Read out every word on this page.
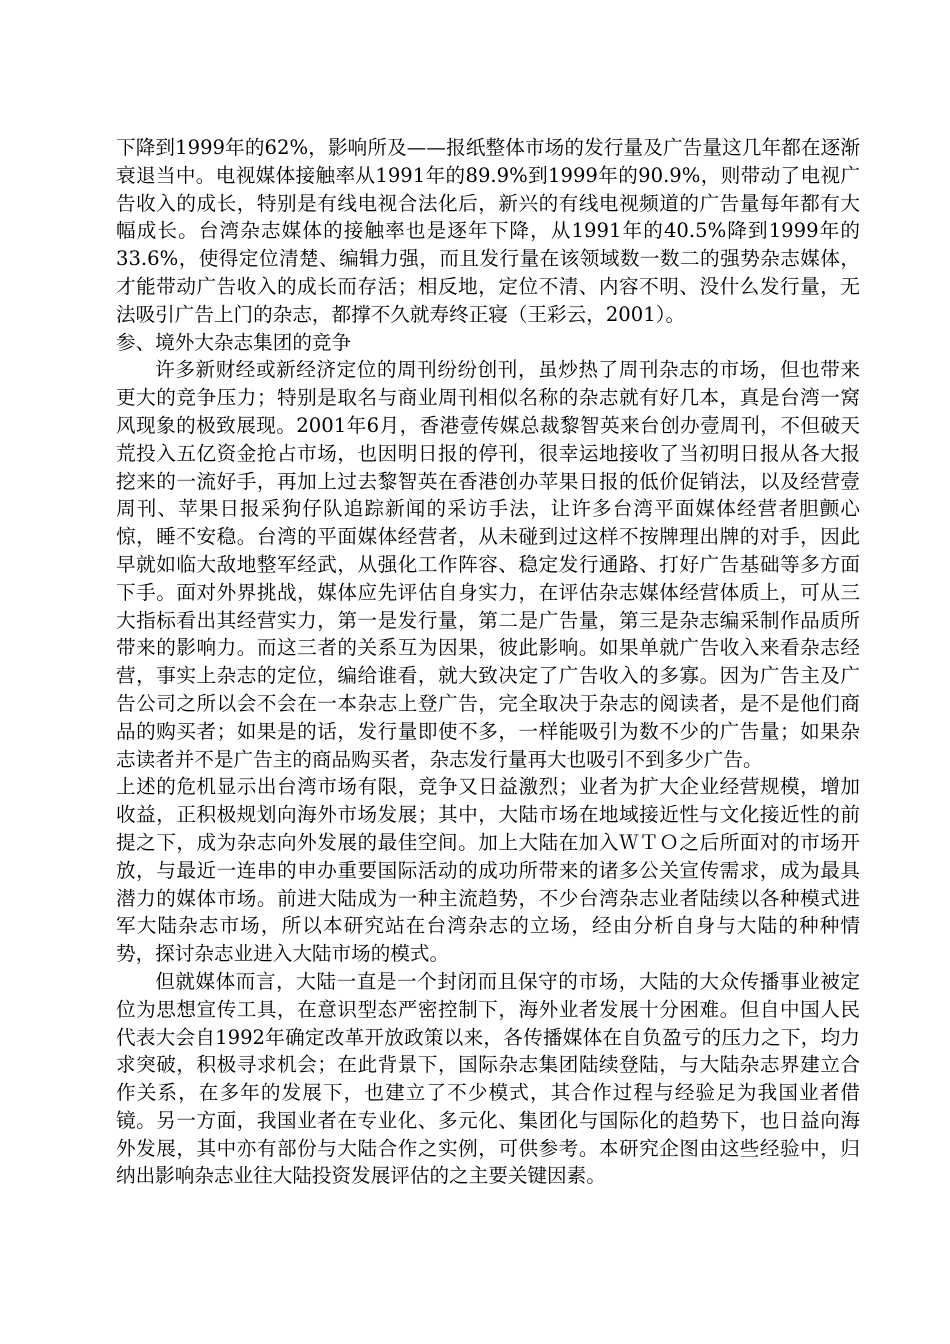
下降到1999年的62%，影响所及——报纸整体市场的发行量及广告量这几年都在逐渐衰退当中。电视媒体接触率从1991年的89.9%到1999年的90.9%，则带动了电视广告收入的成长，特别是有线电视合法化后，新兴的有线电视频道的广告量每年都有大幅成长。台湾杂志媒体的接触率也是逐年下降，从1991年的40.5%降到1999年的33.6%，使得定位清楚、编辑力强，而且发行量在该领域数一数二的强势杂志媒体，才能带动广告收入的成长而存活；相反地，定位不清、内容不明、没什么发行量，无法吸引广告上门的杂志，都撑不久就寿终正寝（王彩云，2001）。

参、境外大杂志集团的竞争

许多新财经或新经济定位的周刊纷纷创刊，虽炒热了周刊杂志的市场，但也带来更大的竞争压力；特别是取名与商业周刊相似名称的杂志就有好几本，真是台湾一窝风现象的极致展现。2001年6月，香港壹传媒总裁黎智英来台创办壹周刊，不但破天荒投入五亿资金抢占市场，也因明日报的停刊，很幸运地接收了当初明日报从各大报挖来的一流好手，再加上过去黎智英在香港创办苹果日报的低价促销法，以及经营壹周刊、苹果日报采狗仔队追踪新闻的采访手法，让许多台湾平面媒体经营者胆颤心惊，睡不安稳。台湾的平面媒体经营者，从未碰到过这样不按牌理出牌的对手，因此早就如临大敌地整军经武，从强化工作阵容、稳定发行通路、打好广告基础等多方面下手。面对外界挑战，媒体应先评估自身实力，在评估杂志媒体经营体质上，可从三大指标看出其经营实力，第一是发行量，第二是广告量，第三是杂志编采制作品质所带来的影响力。而这三者的关系互为因果，彼此影响。如果单就广告收入来看杂志经营，事实上杂志的定位，编给谁看，就大致决定了广告收入的多寡。因为广告主及广告公司之所以会不会在一本杂志上登广告，完全取决于杂志的阅读者，是不是他们商品的购买者；如果是的话，发行量即使不多，一样能吸引为数不少的广告量；如果杂志读者并不是广告主的商品购买者，杂志发行量再大也吸引不到多少广告。

上述的危机显示出台湾市场有限，竞争又日益激烈；业者为扩大企业经营规模，增加收益，正积极规划向海外市场发展；其中，大陆市场在地域接近性与文化接近性的前提之下，成为杂志向外发展的最佳空间。加上大陆在加入ＷＴＯ之后所面对的市场开放，与最近一连串的申办重要国际活动的成功所带来的诸多公关宣传需求，成为最具潜力的媒体市场。前进大陆成为一种主流趋势，不少台湾杂志业者陆续以各种模式进军大陆杂志市场，所以本研究站在台湾杂志的立场，经由分析自身与大陆的种种情势，探讨杂志业进入大陆市场的模式。

但就媒体而言，大陆一直是一个封闭而且保守的市场，大陆的大众传播事业被定位为思想宣传工具，在意识型态严密控制下，海外业者发展十分困难。但自中国人民代表大会自1992年确定改革开放政策以来，各传播媒体在自负盈亏的压力之下，均力求突破，积极寻求机会；在此背景下，国际杂志集团陆续登陆，与大陆杂志界建立合作关系，在多年的发展下，也建立了不少模式，其合作过程与经验足为我国业者借镜。另一方面，我国业者在专业化、多元化、集团化与国际化的趋势下，也日益向海外发展，其中亦有部份与大陆合作之实例，可供参考。本研究企图由这些经验中，归纳出影响杂志业往大陆投资发展评估的之主要关键因素。
